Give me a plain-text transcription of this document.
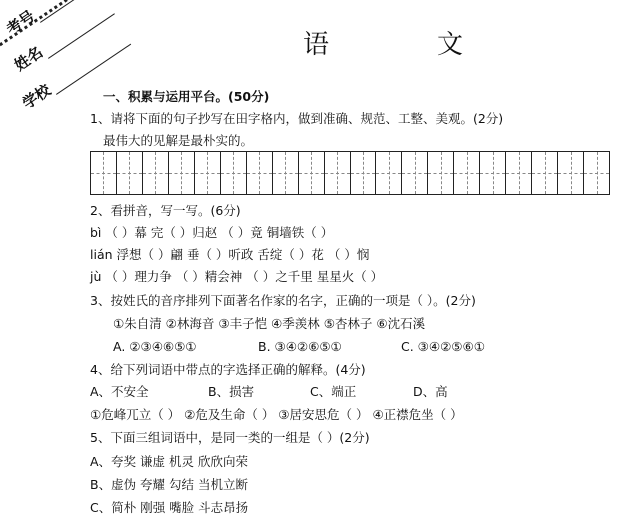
考号
姓名
学校
语	文
一、积累与运用平台。(50分)
1、请将下面的句子抄写在田字格内，做到准确、规范、工整、美观。(2分)
最伟大的见解是最朴实的。
2、看拼音，写一写。(6分)
bì （ ）幕 完（ ）归赵 （ ）竟 铜墙铁（ ）
lián 浮想（ ）翩 垂（ ）听政 舌绽（ ）花 （ ）悯
jù （ ）理力争 （ ）精会神 （ ）之千里 星星火（ ）
3、按姓氏的音序排列下面著名作家的名字，正确的一项是（ ）。(2分)
①朱自清 ②林海音 ③丰子恺 ④季羡林 ⑤杏林子 ⑥沈石溪
A. ②③④⑥⑤①	B. ③④②⑥⑤①	C. ③④②⑤⑥①
4、给下列词语中带点的字选择正确的解释。(4分)
A、不安全	B、损害	C、端正	D、高
①危峰兀立（ ） ②危及生命（ ） ③居安思危（ ） ④正襟危坐（ ）
5、下面三组词语中，是同一类的一组是（ ）(2分)
A、夸奖 谦虚 机灵 欣欣向荣
B、虚伪 夸耀 勾结 当机立断
C、简朴 刚强 嘴脸 斗志昂扬
